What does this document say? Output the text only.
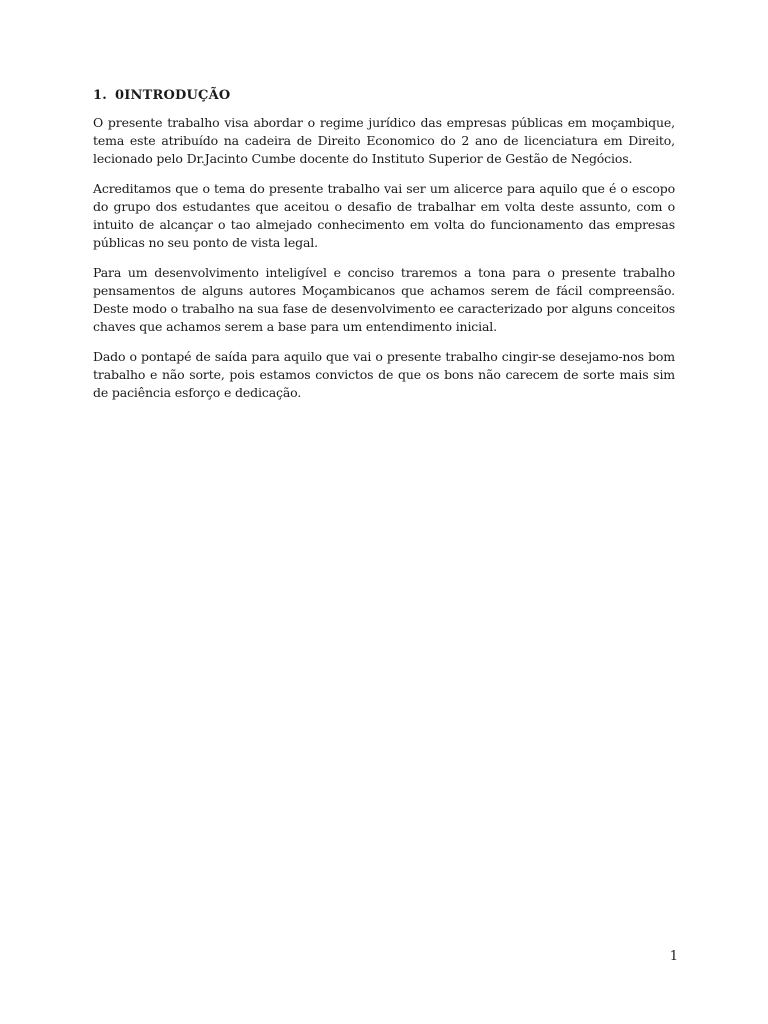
1. 0INTRODUÇÃO

O presente trabalho visa abordar o regime jurídico das empresas públicas em moçambique, tema este atribuído na cadeira de Direito Economico do 2 ano de licenciatura em Direito, lecionado pelo Dr.Jacinto Cumbe docente do Instituto Superior de Gestão de Negócios.

Acreditamos que o tema do presente trabalho vai ser um alicerce para aquilo que é o escopo do grupo dos estudantes que aceitou o desafio de trabalhar em volta deste assunto, com o intuito de alcançar o tao almejado conhecimento em volta do funcionamento das empresas públicas no seu ponto de vista legal.

Para um desenvolvimento inteligível e conciso traremos a tona para o presente trabalho pensamentos de alguns autores Moçambicanos que achamos serem de fácil compreensão. Deste modo o trabalho na sua fase de desenvolvimento ee caracterizado por alguns conceitos chaves que achamos serem a base para um entendimento inicial.

Dado o pontapé de saída para aquilo que vai o presente trabalho cingir-se desejamo-nos bom trabalho e não sorte, pois estamos convictos de que os bons não carecem de sorte mais sim de paciência esforço e dedicação.

1
